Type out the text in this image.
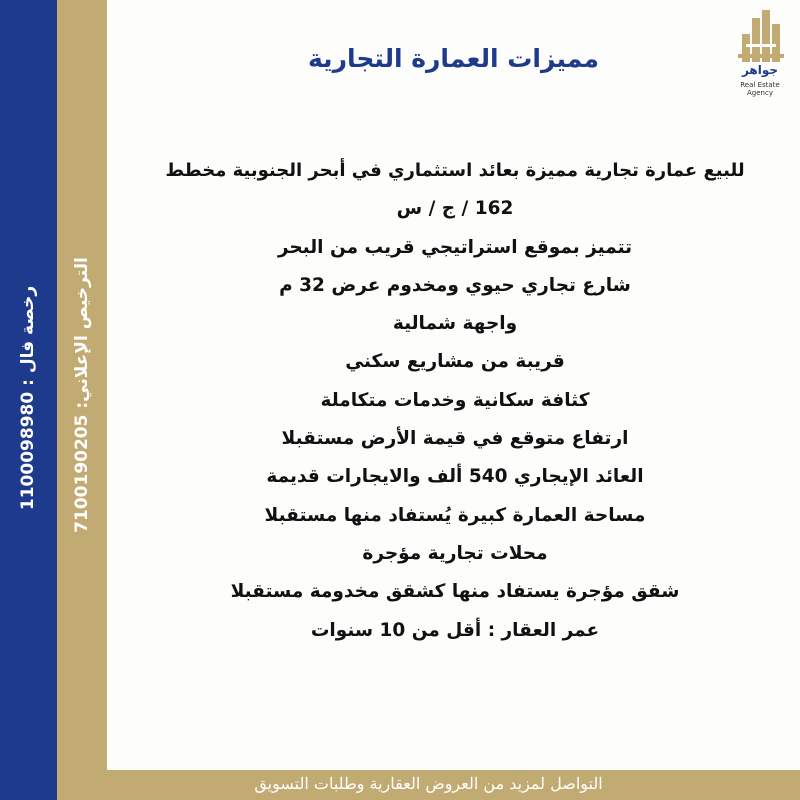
رخصة فال : 1100098980
الترخيص الإعلاني: 7100190205
جواهر
Real Estate Agency
مميزات العمارة التجارية
للبيع عمارة تجارية مميزة بعائد استثماري في أبحر الجنوبية مخطط
162 / ج / س
تتميز بموقع استراتيجي قريب من البحر
شارع تجاري حيوي ومخدوم عرض 32 م
واجهة شمالية
قريبة من مشاريع سكني
كثافة سكانية وخدمات متكاملة
ارتفاع متوقع في قيمة الأرض مستقبلا
العائد الإيجاري 540 ألف والايجارات قديمة
مساحة العمارة كبيرة يُستفاد منها مستقبلا
محلات تجارية مؤجرة
شقق مؤجرة يستفاد منها كشقق مخدومة مستقبلا
عمر العقار : أقل من 10 سنوات
التواصل لمزيد من العروض العقارية وطلبات التسويق
